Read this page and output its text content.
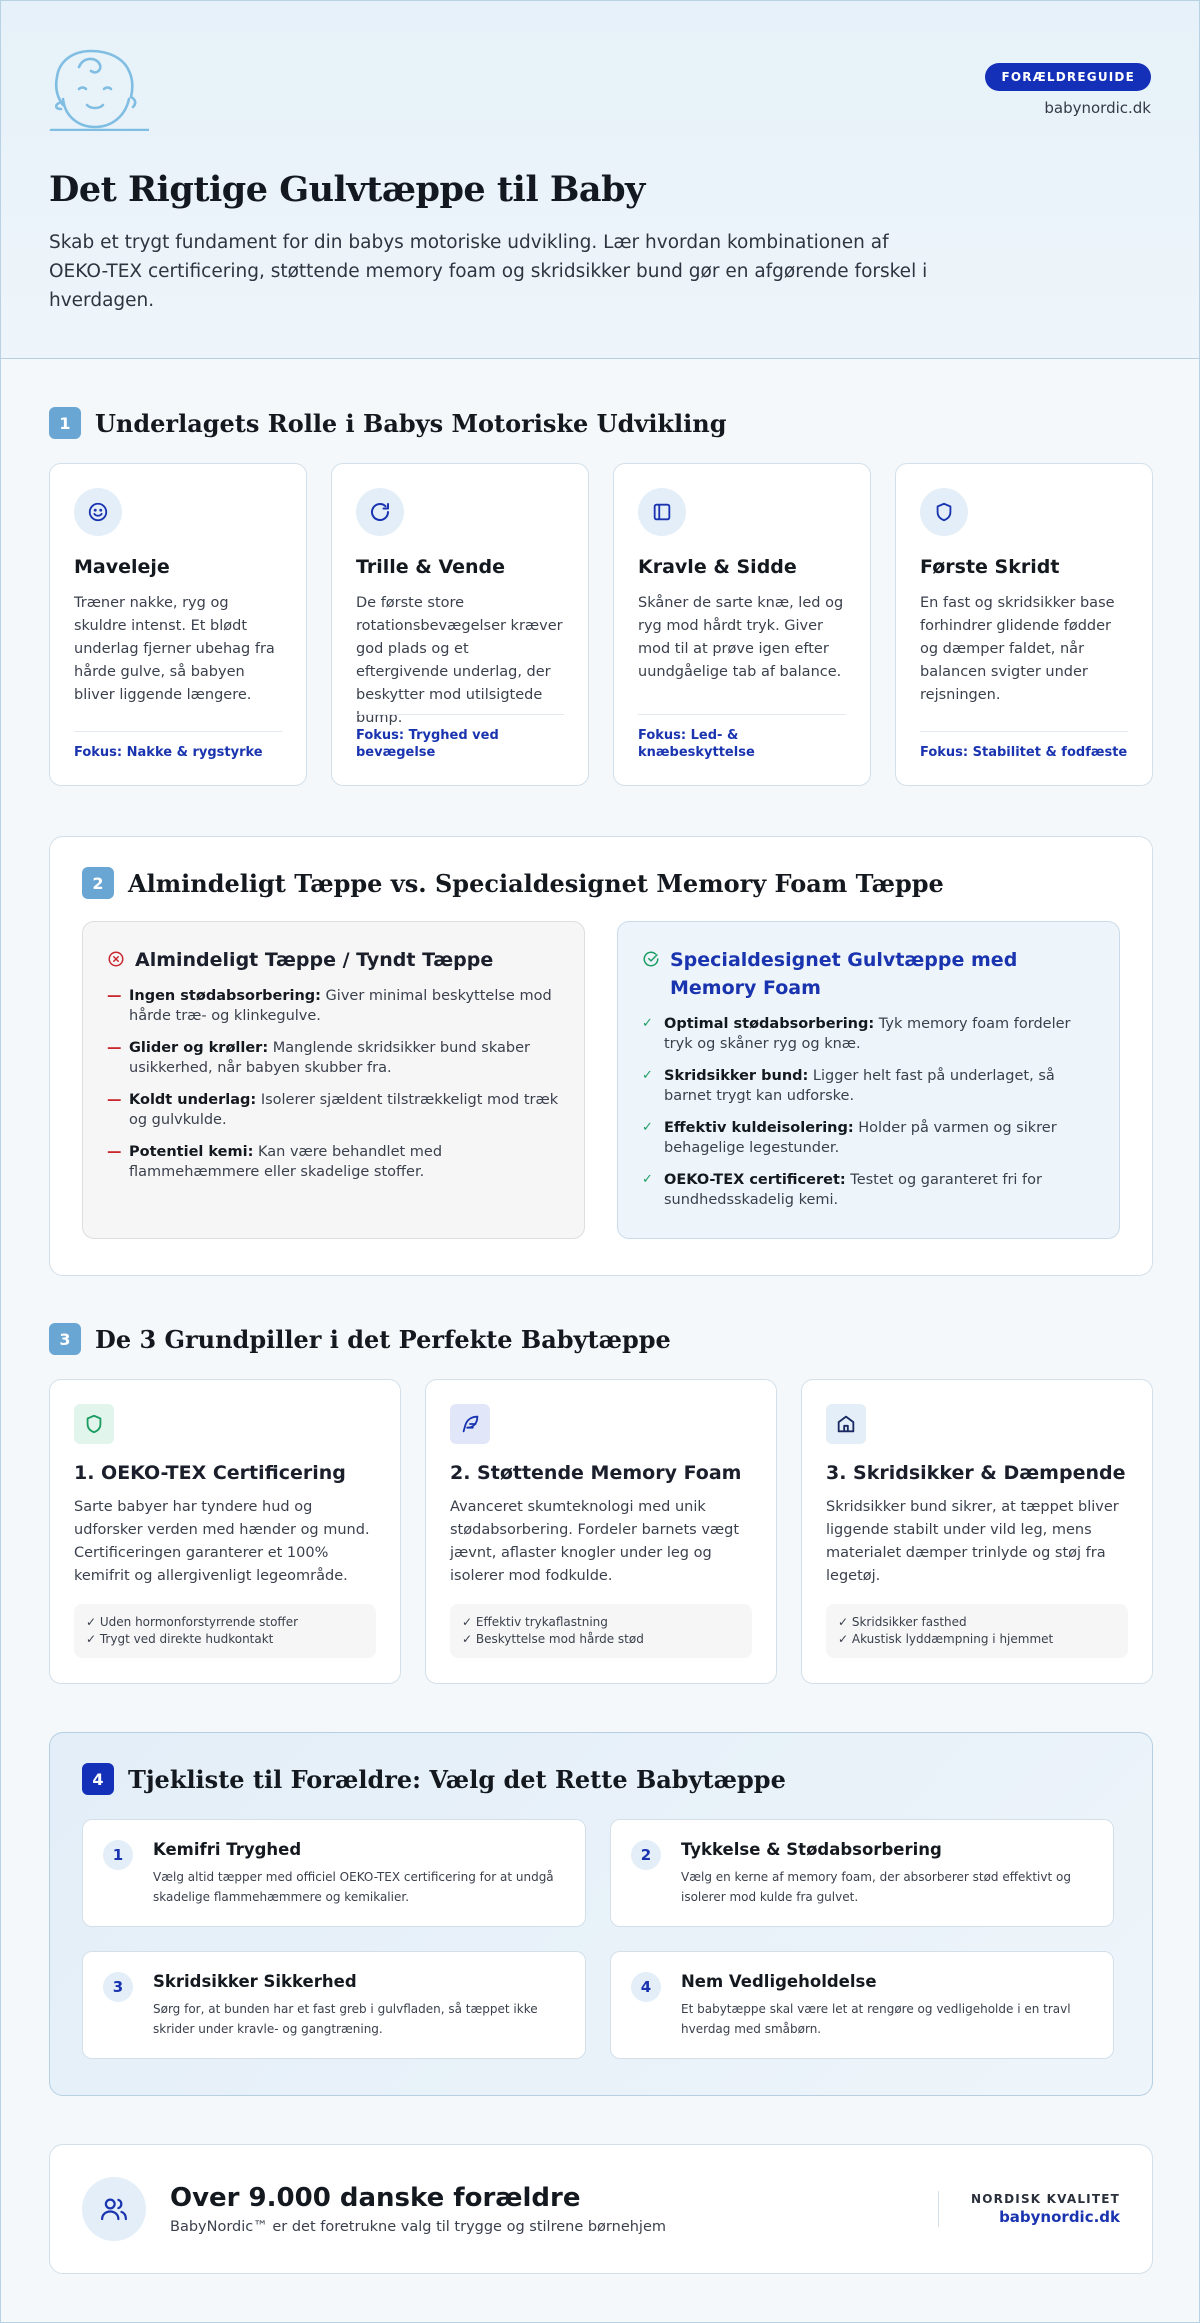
FORÆLDREGUIDE
babynordic.dk
Det Rigtige Gulvtæppe til Baby

Skab et trygt fundament for din babys motoriske udvikling. Lær hvordan kombinationen af OEKO-TEX certificering, støttende memory foam og skridsikker bund gør en afgørende forskel i hverdagen.

1	Underlagets Rolle i Babys Motoriske Udvikling
Maveleje
Træner nakke, ryg og skuldre intenst. Et blødt underlag fjerner ubehag fra hårde gulve, så babyen bliver liggende længere.
Fokus: Nakke & rygstyrke
Trille & Vende
De første store rotationsbevægelser kræver god plads og et eftergivende underlag, der beskytter mod utilsigtede bump.
Fokus: Tryghed ved bevægelse
Kravle & Sidde
Skåner de sarte knæ, led og ryg mod hårdt tryk. Giver mod til at prøve igen efter uundgåelige tab af balance.
Fokus: Led- & knæbeskyttelse
Første Skridt
En fast og skridsikker base forhindrer glidende fødder og dæmper faldet, når balancen svigter under rejsningen.
Fokus: Stabilitet & fodfæste
2	Almindeligt Tæppe vs. Specialdesignet Memory Foam Tæppe
Almindeligt Tæppe / Tyndt Tæppe
— Ingen stødabsorbering: Giver minimal beskyttelse mod hårde træ- og klinkegulve.
— Glider og krøller: Manglende skridsikker bund skaber usikkerhed, når babyen skubber fra.
— Koldt underlag: Isolerer sjældent tilstrækkeligt mod træk og gulvkulde.
— Potentiel kemi: Kan være behandlet med flammehæmmere eller skadelige stoffer.
Specialdesignet Gulvtæppe med Memory Foam
✓ Optimal stødabsorbering: Tyk memory foam fordeler tryk og skåner ryg og knæ.
✓ Skridsikker bund: Ligger helt fast på underlaget, så barnet trygt kan udforske.
✓ Effektiv kuldeisolering: Holder på varmen og sikrer behagelige legestunder.
✓ OEKO-TEX certificeret: Testet og garanteret fri for sundhedsskadelig kemi.
3	De 3 Grundpiller i det Perfekte Babytæppe
1. OEKO-TEX Certificering
Sarte babyer har tyndere hud og udforsker verden med hænder og mund. Certificeringen garanterer et 100% kemifrit og allergivenligt legeområde.
✓ Uden hormonforstyrrende stoffer
✓ Trygt ved direkte hudkontakt
2. Støttende Memory Foam
Avanceret skumteknologi med unik stødabsorbering. Fordeler barnets vægt jævnt, aflaster knogler under leg og isolerer mod fodkulde.
✓ Effektiv trykaflastning
✓ Beskyttelse mod hårde stød
3. Skridsikker & Dæmpende
Skridsikker bund sikrer, at tæppet bliver liggende stabilt under vild leg, mens materialet dæmper trinlyde og støj fra legetøj.
✓ Skridsikker fasthed
✓ Akustisk lyddæmpning i hjemmet
4	Tjekliste til Forældre: Vælg det Rette Babytæppe
1	Kemifri Tryghed
Vælg altid tæpper med officiel OEKO-TEX certificering for at undgå skadelige flammehæmmere og kemikalier.
2	Tykkelse & Stødabsorbering
Vælg en kerne af memory foam, der absorberer stød effektivt og isolerer mod kulde fra gulvet.
3	Skridsikker Sikkerhed
Sørg for, at bunden har et fast greb i gulvfladen, så tæppet ikke skrider under kravle- og gangtræning.
4	Nem Vedligeholdelse
Et babytæppe skal være let at rengøre og vedligeholde i en travl hverdag med småbørn.
Over 9.000 danske forældre
BabyNordic™ er det foretrukne valg til trygge og stilrene børnehjem
NORDISK KVALITET
babynordic.dk
